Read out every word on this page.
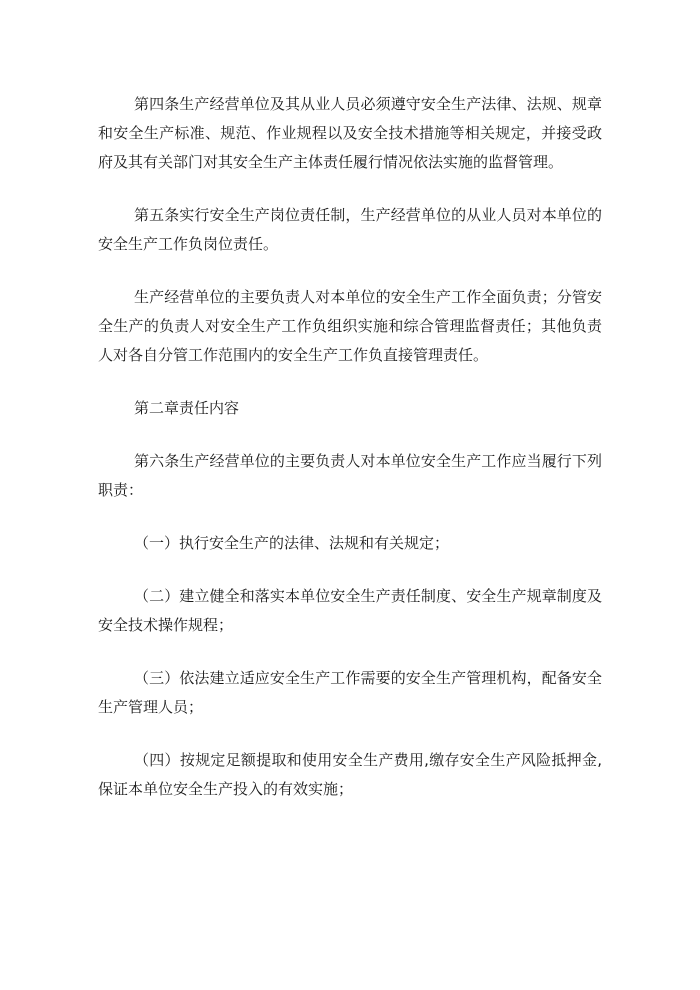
第四条生产经营单位及其从业人员必须遵守安全生产法律、法规、规章和安全生产标准、规范、作业规程以及安全技术措施等相关规定，并接受政府及其有关部门对其安全生产主体责任履行情况依法实施的监督管理。

第五条实行安全生产岗位责任制，生产经营单位的从业人员对本单位的安全生产工作负岗位责任。

生产经营单位的主要负责人对本单位的安全生产工作全面负责；分管安全生产的负责人对安全生产工作负组织实施和综合管理监督责任；其他负责人对各自分管工作范围内的安全生产工作负直接管理责任。

第二章责任内容

第六条生产经营单位的主要负责人对本单位安全生产工作应当履行下列职责：

（一）执行安全生产的法律、法规和有关规定；

（二）建立健全和落实本单位安全生产责任制度、安全生产规章制度及安全技术操作规程；

（三）依法建立适应安全生产工作需要的安全生产管理机构，配备安全生产管理人员；

（四）按规定足额提取和使用安全生产费用,缴存安全生产风险抵押金,保证本单位安全生产投入的有效实施；
